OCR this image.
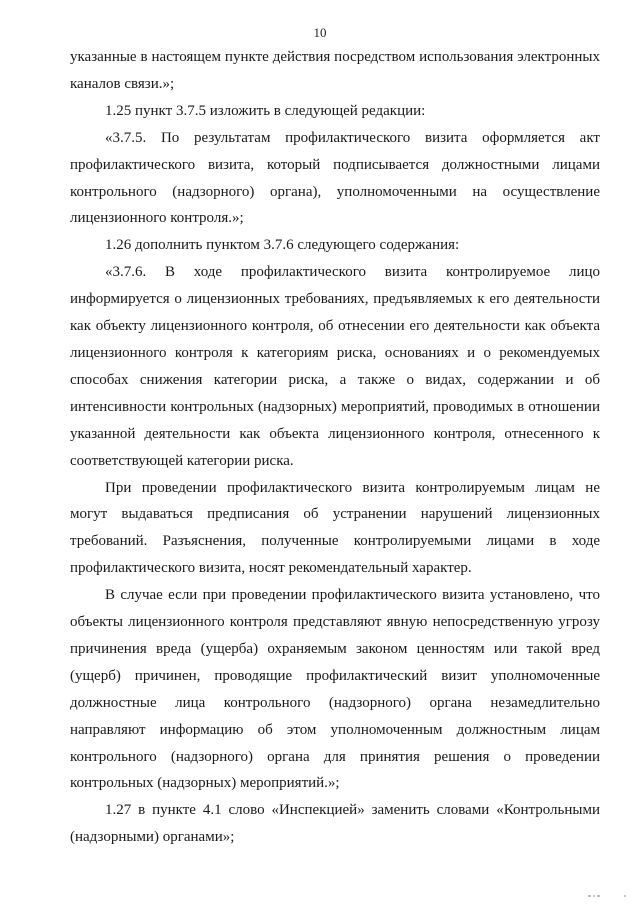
10

указанные в настоящем пункте действия посредством использования электронных каналов связи.»;

1.25 пункт 3.7.5 изложить в следующей редакции:

«3.7.5. По результатам профилактического визита оформляется акт профилактического визита, который подписывается должностными лицами контрольного (надзорного) органа), уполномоченными на осуществление лицензионного контроля.»;

1.26 дополнить пунктом 3.7.6 следующего содержания:

«3.7.6. В ходе профилактического визита контролируемое лицо информируется о лицензионных требованиях, предъявляемых к его деятельности как объекту лицензионного контроля, об отнесении его деятельности как объекта лицензионного контроля к категориям риска, основаниях и о рекомендуемых способах снижения категории риска, а также о видах, содержании и об интенсивности контрольных (надзорных) мероприятий, проводимых в отношении указанной деятельности как объекта лицензионного контроля, отнесенного к соответствующей категории риска.

При проведении профилактического визита контролируемым лицам не могут выдаваться предписания об устранении нарушений лицензионных требований. Разъяснения, полученные контролируемыми лицами в ходе профилактического визита, носят рекомендательный характер.

В случае если при проведении профилактического визита установлено, что объекты лицензионного контроля представляют явную непосредственную угрозу причинения вреда (ущерба) охраняемым законом ценностям или такой вред (ущерб) причинен, проводящие профилактический визит уполномоченные должностные лица контрольного (надзорного) органа незамедлительно направляют информацию об этом уполномоченным должностным лицам контрольного (надзорного) органа для принятия решения о проведении контрольных (надзорных) мероприятий.»;

1.27 в пункте 4.1 слово «Инспекцией» заменить словами «Контрольными (надзорными) органами»;
